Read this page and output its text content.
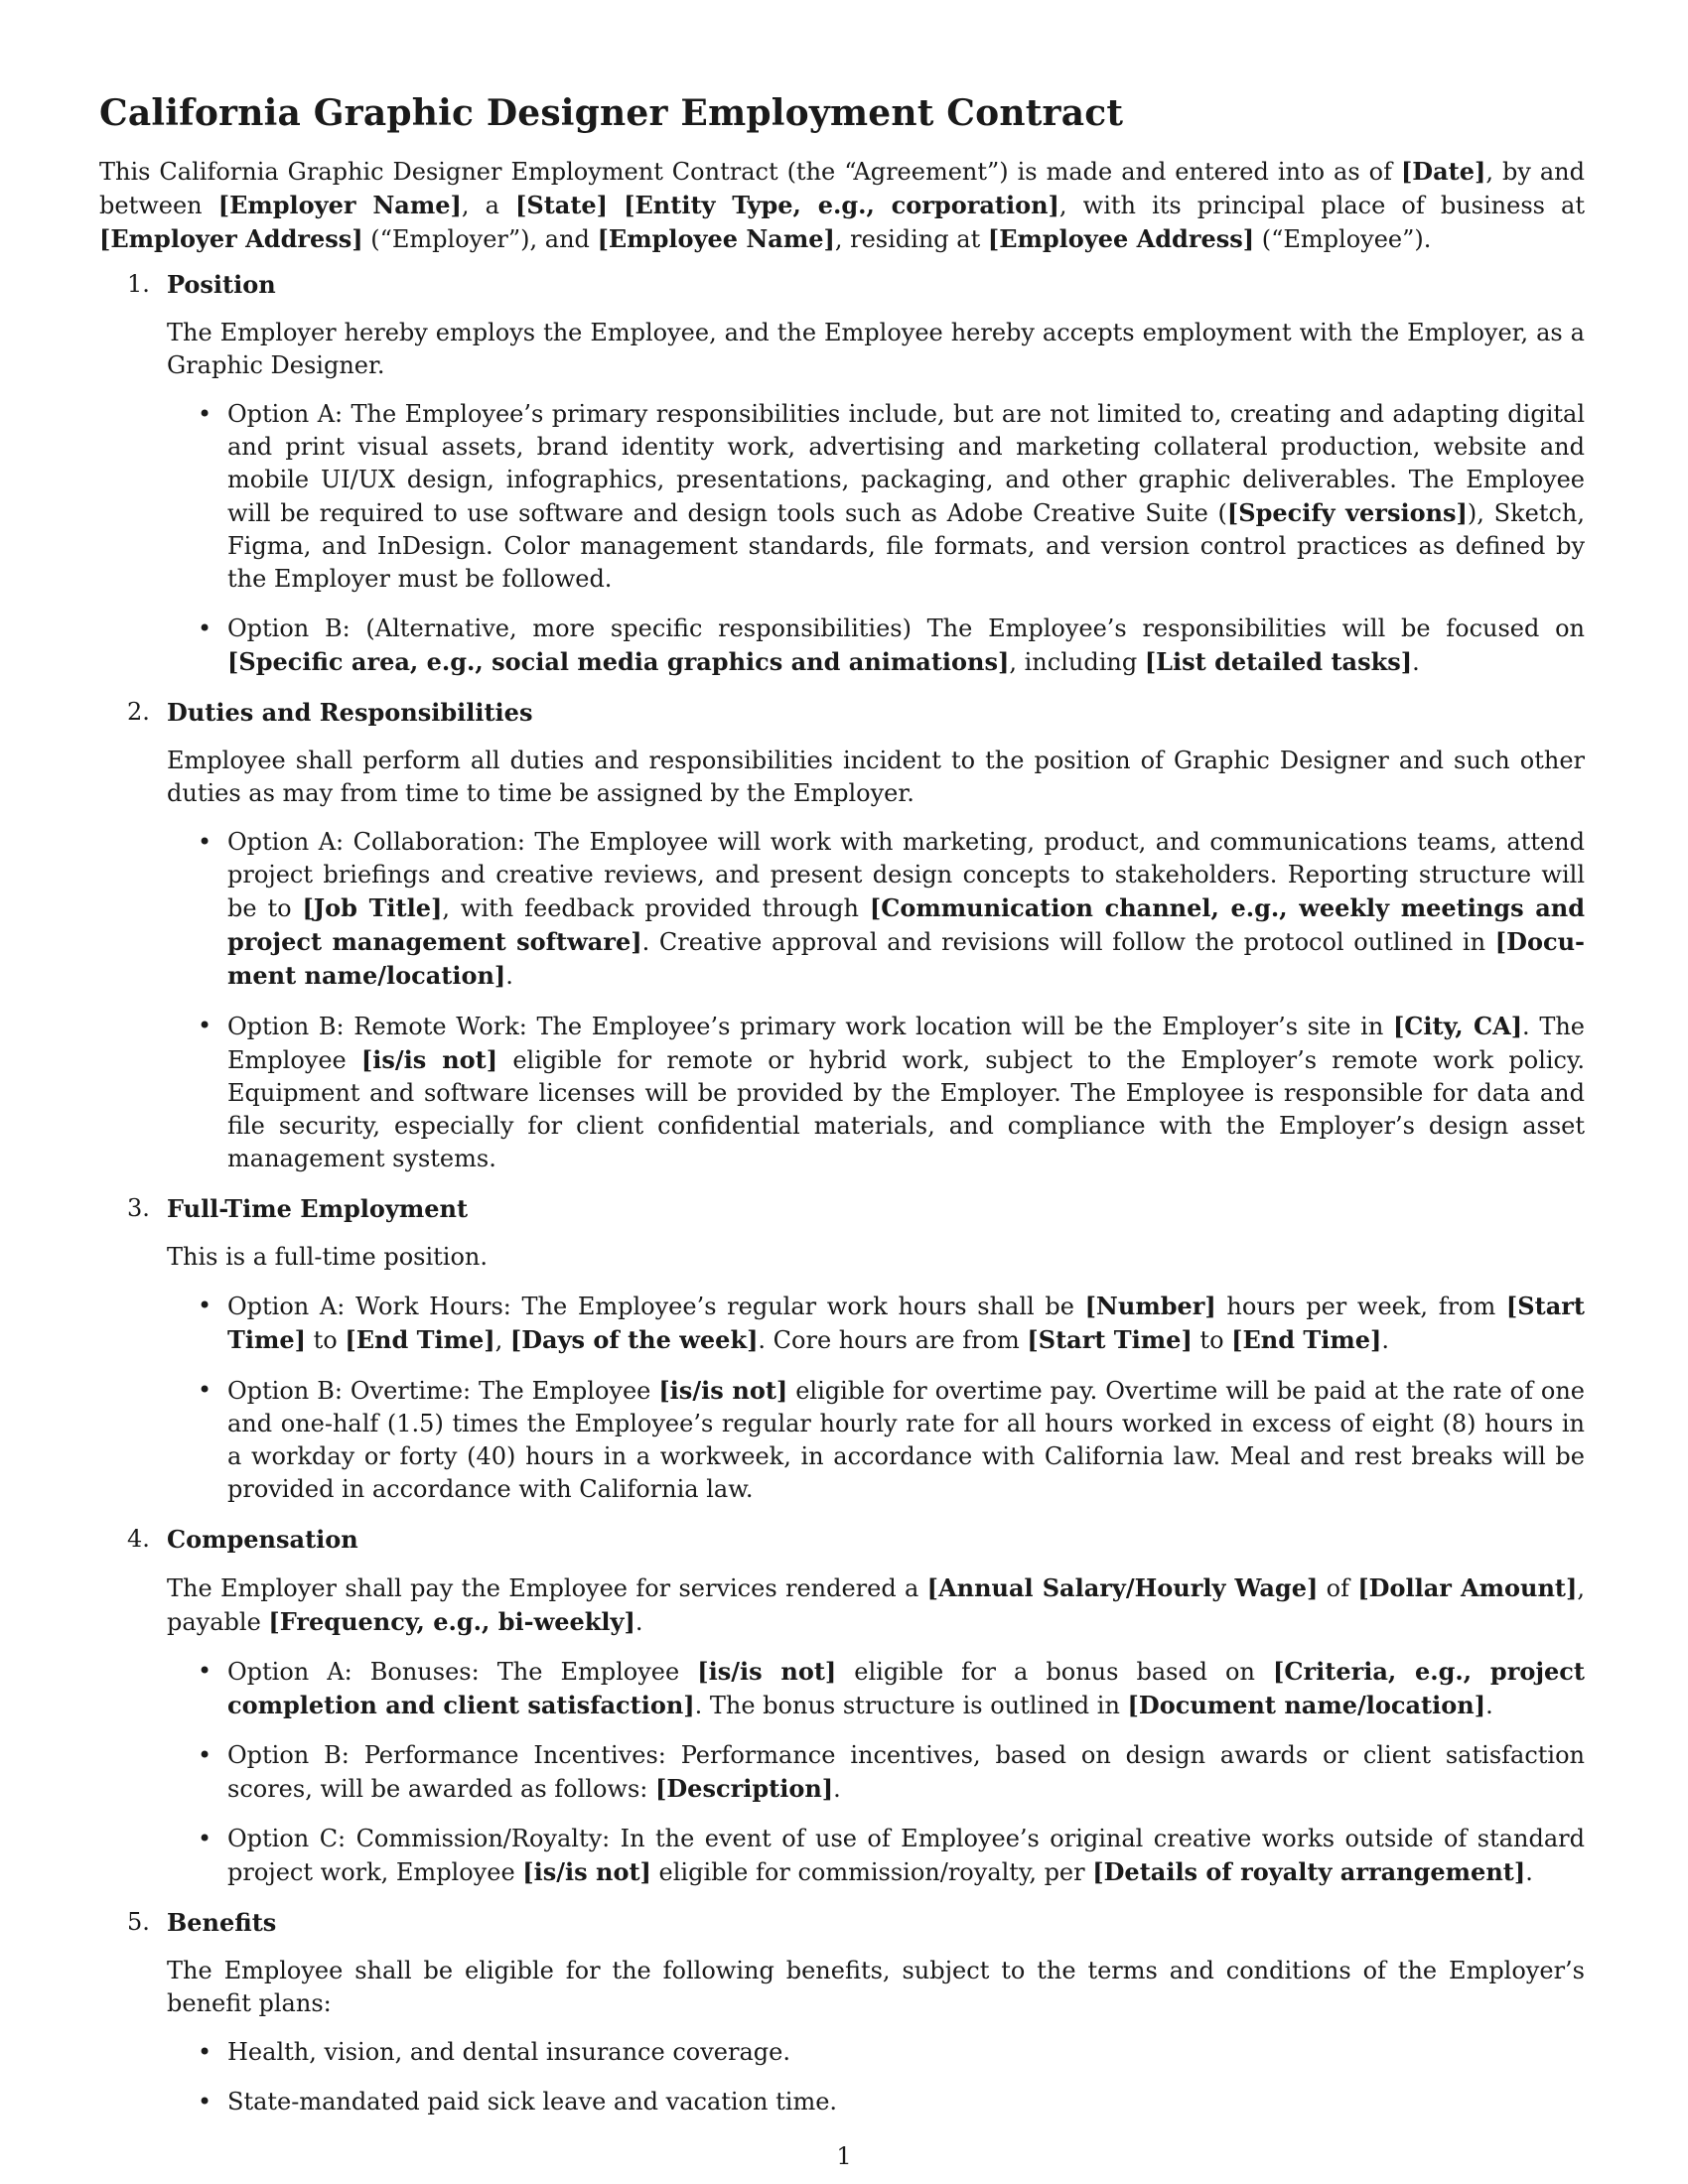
California Graphic Designer Employment Contract

This California Graphic Designer Employment Contract (the “Agreement”) is made and entered into as of [Date], by and between [Employer Name], a [State] [Entity Type, e.g., corporation], with its principal place of business at [Employer Address] (“Employer”), and [Employee Name], residing at [Employee Address] (“Employee”).

1. Position

The Employer hereby employs the Employee, and the Employee hereby accepts employment with the Employer, as a Graphic Designer.

• Option A: The Employee’s primary responsibilities include, but are not limited to, creating and adapting digital and print visual assets, brand identity work, advertising and marketing collateral production, website and mobile UI/UX design, infographics, presentations, packaging, and other graphic deliverables. The Employee will be required to use software and design tools such as Adobe Creative Suite ([Specify versions]), Sketch, Figma, and InDesign. Color management standards, file formats, and version control practices as defined by the Employer must be followed.

• Option B: (Alternative, more specific responsibilities) The Employee’s responsibilities will be focused on [Specific area, e.g., social media graphics and animations], including [List detailed tasks].

2. Duties and Responsibilities

Employee shall perform all duties and responsibilities incident to the position of Graphic Designer and such other duties as may from time to time be assigned by the Employer.

• Option A: Collaboration: The Employee will work with marketing, product, and communications teams, attend project briefings and creative reviews, and present design concepts to stakeholders. Reporting structure will be to [Job Title], with feedback provided through [Communication channel, e.g., weekly meetings and project management software]. Creative approval and revisions will follow the protocol outlined in [Document name/location].

• Option B: Remote Work: The Employee’s primary work location will be the Employer’s site in [City, CA]. The Employee [is/is not] eligible for remote or hybrid work, subject to the Employer’s remote work policy. Equipment and software licenses will be provided by the Employer. The Employee is responsible for data and file security, especially for client confidential materials, and compliance with the Employer’s design asset management systems.

3. Full-Time Employment

This is a full-time position.

• Option A: Work Hours: The Employee’s regular work hours shall be [Number] hours per week, from [Start Time] to [End Time], [Days of the week]. Core hours are from [Start Time] to [End Time].

• Option B: Overtime: The Employee [is/is not] eligible for overtime pay. Overtime will be paid at the rate of one and one-half (1.5) times the Employee’s regular hourly rate for all hours worked in excess of eight (8) hours in a workday or forty (40) hours in a workweek, in accordance with California law. Meal and rest breaks will be provided in accordance with California law.

4. Compensation

The Employer shall pay the Employee for services rendered a [Annual Salary/Hourly Wage] of [Dollar Amount], payable [Frequency, e.g., bi-weekly].

• Option A: Bonuses: The Employee [is/is not] eligible for a bonus based on [Criteria, e.g., project completion and client satisfaction]. The bonus structure is outlined in [Document name/location].

• Option B: Performance Incentives: Performance incentives, based on design awards or client satisfaction scores, will be awarded as follows: [Description].

• Option C: Commission/Royalty: In the event of use of Employee’s original creative works outside of standard project work, Employee [is/is not] eligible for commission/royalty, per [Details of royalty arrangement].

5. Benefits

The Employee shall be eligible for the following benefits, subject to the terms and conditions of the Employer’s benefit plans:

• Health, vision, and dental insurance coverage.

• State-mandated paid sick leave and vacation time.

1
